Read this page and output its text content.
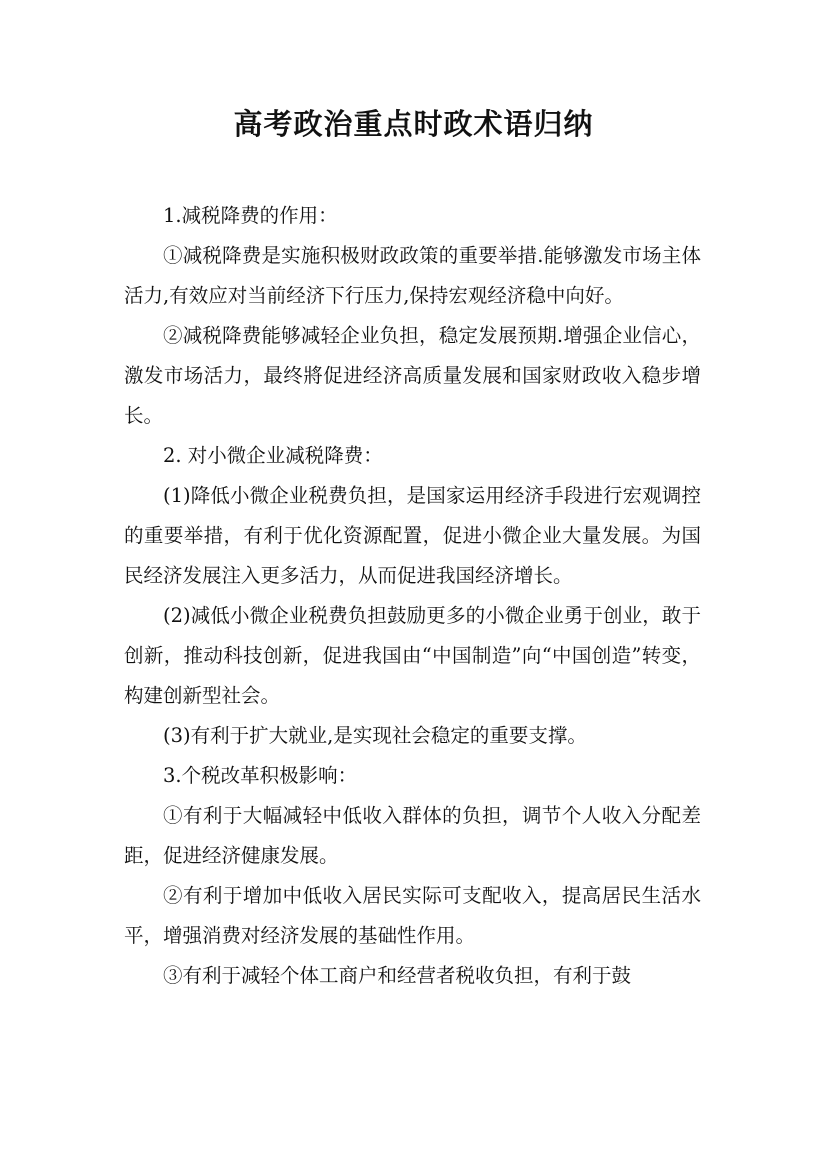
高考政治重点时政术语归纳

1.减税降费的作用：

①减税降费是实施积极财政政策的重要举措.能够激发市场主体活力,有效应对当前经济下行压力,保持宏观经济稳中向好。

②减税降费能够减轻企业负担，稳定发展预期.增强企业信心，激发市场活力，最终將促进经济高质量发展和国家财政收入稳步增长。

2. 对小微企业减税降费：

(1)降低小微企业税费负担，是国家运用经济手段进行宏观调控的重要举措，有利于优化资源配置，促进小微企业大量发展。为国民经济发展注入更多活力，从而促进我国经济增长。

(2)减低小微企业税费负担鼓励更多的小微企业勇于创业，敢于创新，推动科技创新，促进我国由“中国制造”向“中国创造”转变，构建创新型社会。

(3)有利于扩大就业,是实现社会稳定的重要支撑。

3.个税改革积极影响：

①有利于大幅减轻中低收入群体的负担，调节个人收入分配差距，促进经济健康发展。

②有利于增加中低收入居民实际可支配收入，提高居民生活水平，增强消费对经济发展的基础性作用。

③有利于减轻个体工商户和经营者税收负担，有利于鼓
